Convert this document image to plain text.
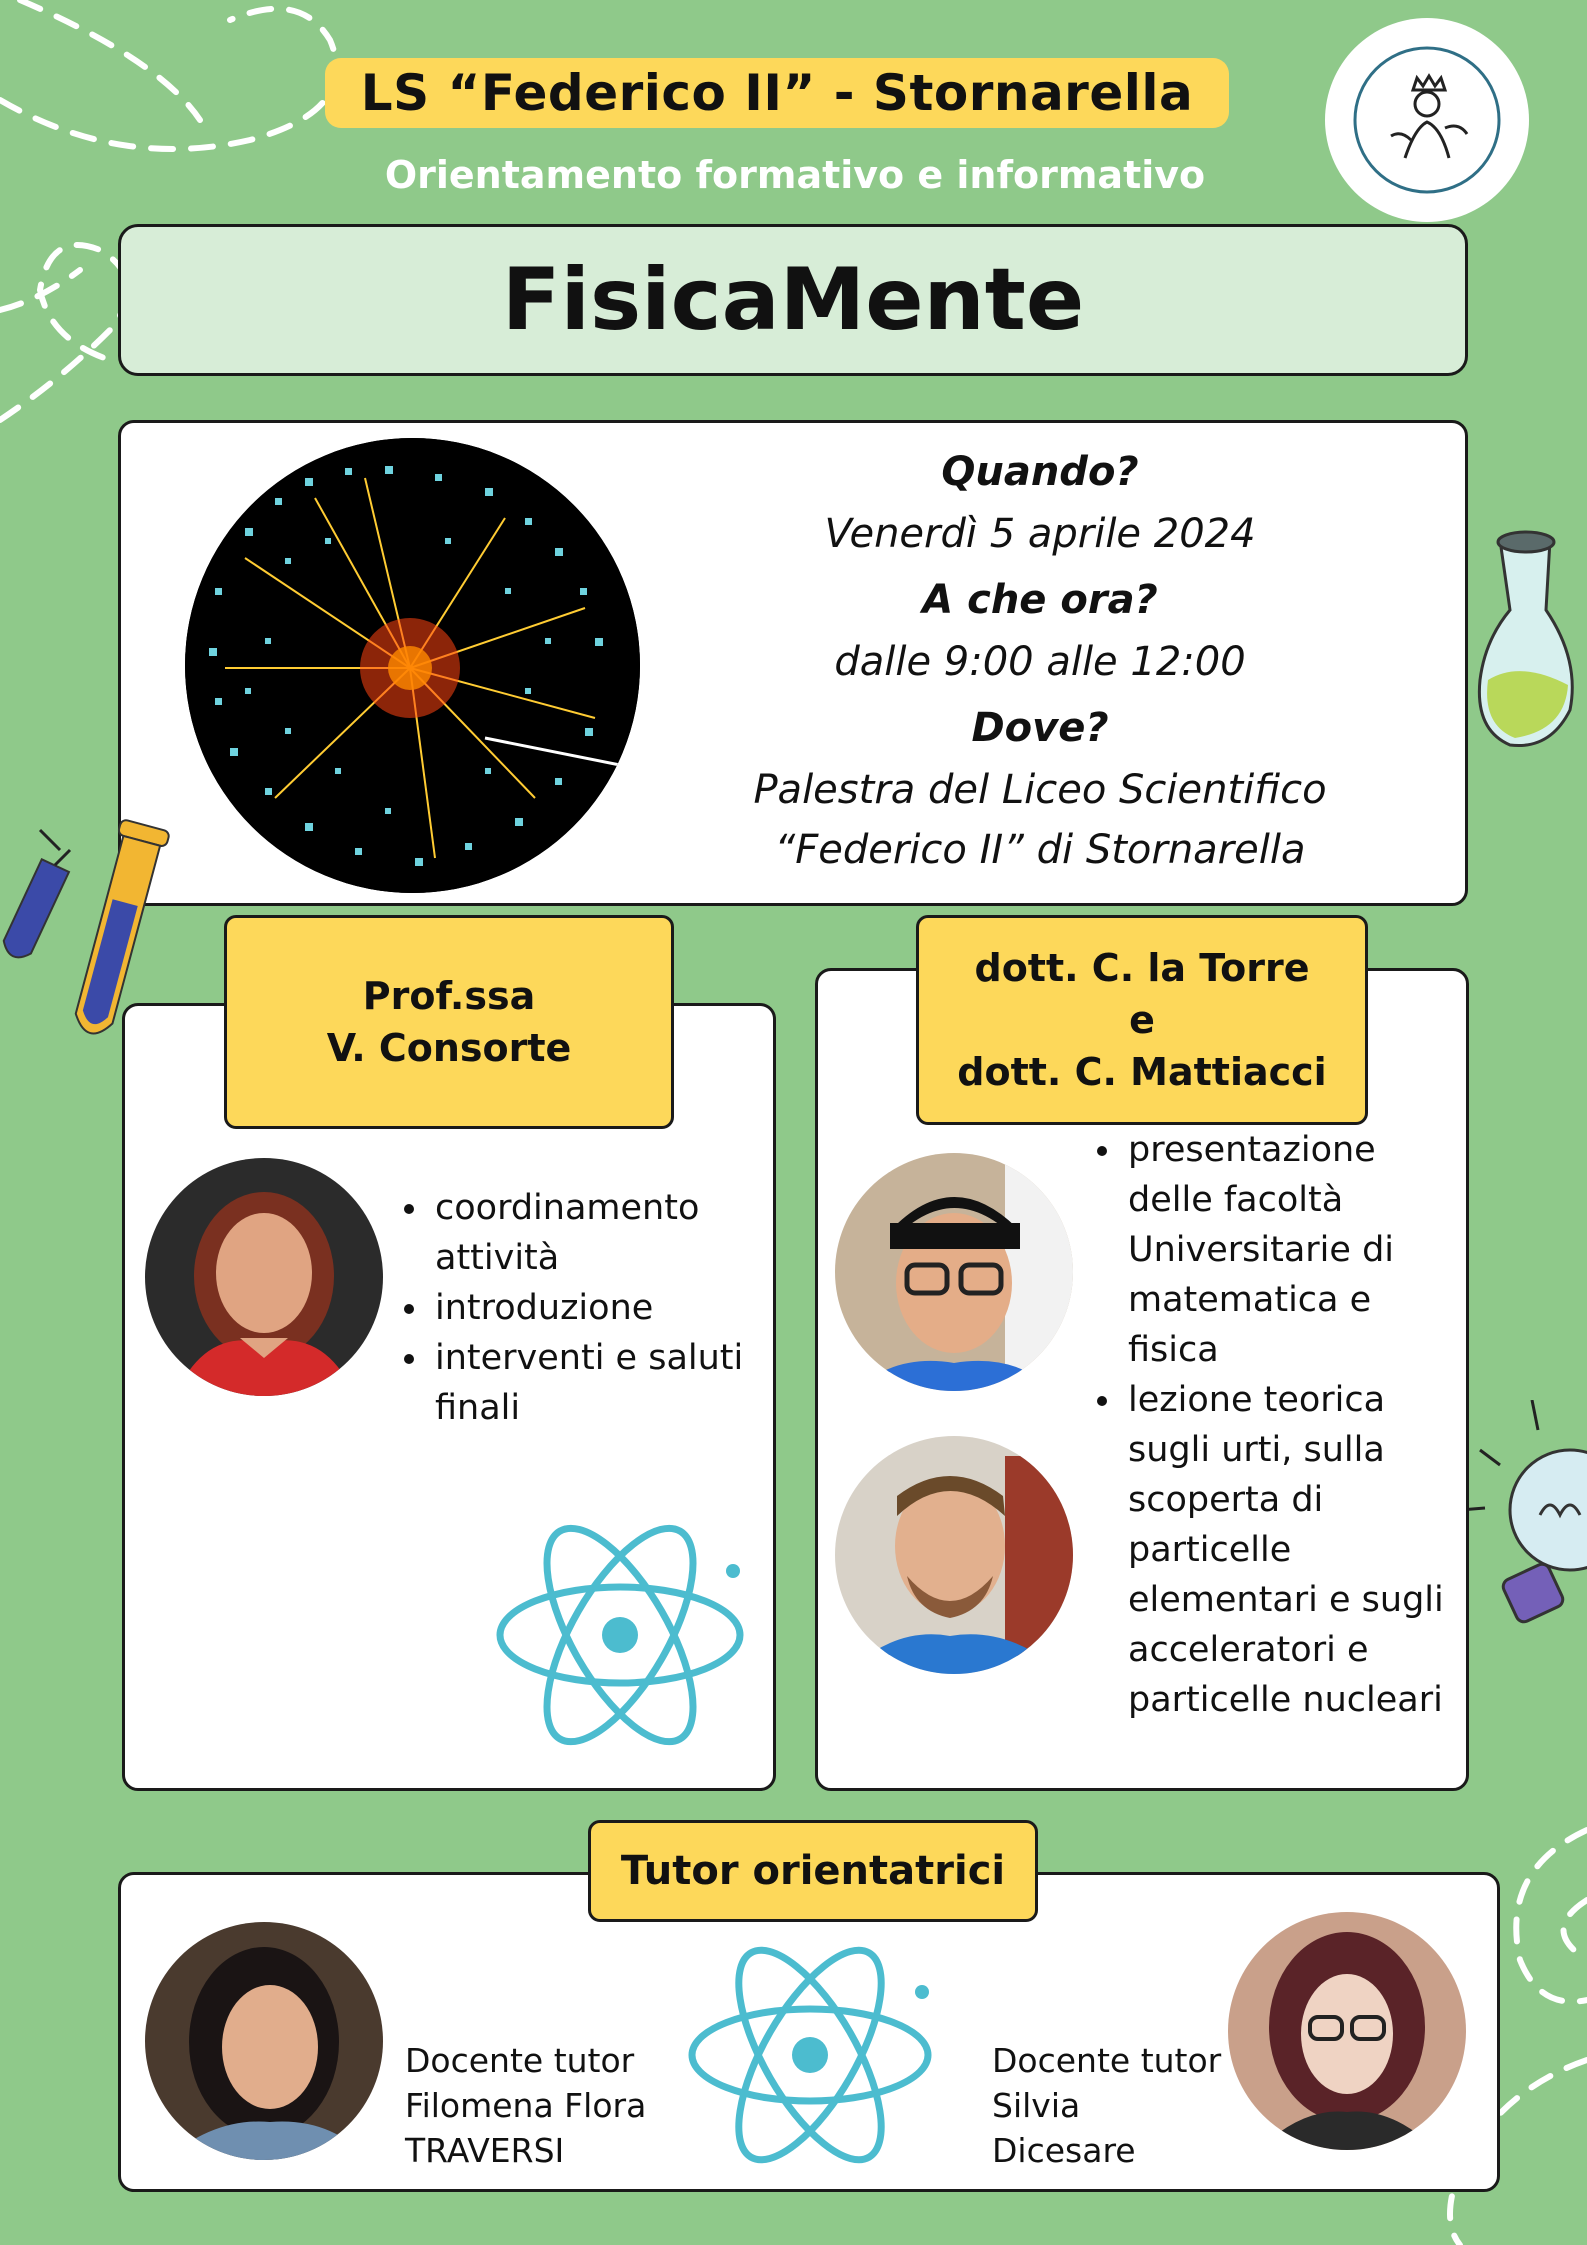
LS “Federico II” - Stornarella
Orientamento formativo e informativo
FisicaMente
Quando?
Venerdì 5 aprile 2024
A che ora?
dalle 9:00 alle 12:00
Dove?
Palestra del Liceo Scientifico
“Federico II” di Stornarella
Prof.ssa
V. Consorte
• coordinamento attività
• introduzione
• interventi e saluti finali
dott. C. la Torre
e
dott. C. Mattiacci
• presentazione delle facoltà Universitarie di matematica e fisica
• lezione teorica sugli urti, sulla scoperta di particelle elementari e sugli acceleratori e particelle nucleari
Tutor orientatrici
Docente tutor
Filomena Flora
TRAVERSI
Docente tutor
Silvia Dicesare
